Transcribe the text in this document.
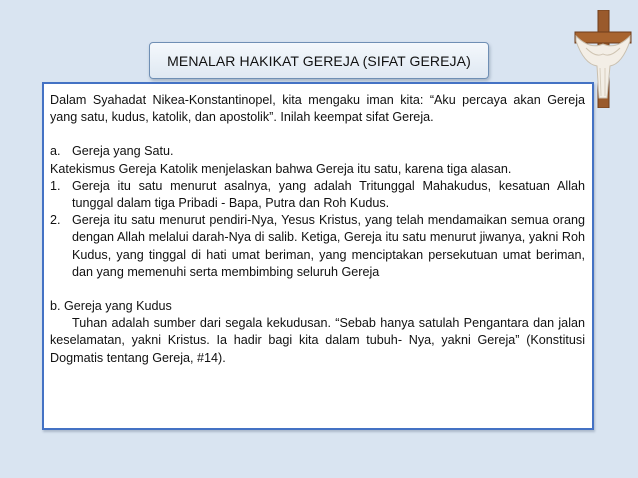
MENALAR HAKIKAT GEREJA (SIFAT GEREJA)

Dalam Syahadat Nikea-Konstantinopel, kita mengaku iman kita: “Aku percaya akan Gereja yang satu, kudus, katolik, dan apostolik”. Inilah keempat sifat Gereja.

a. Gereja yang Satu.

Katekismus Gereja Katolik menjelaskan bahwa Gereja itu satu, karena tiga alasan.

1. Gereja itu satu menurut asalnya, yang adalah Tritunggal Mahakudus, kesatuan Allah tunggal dalam tiga Pribadi - Bapa, Putra dan Roh Kudus.
2. Gereja itu satu menurut pendiri-Nya, Yesus Kristus, yang telah mendamaikan semua orang dengan Allah melalui darah-Nya di salib. Ketiga, Gereja itu satu menurut jiwanya, yakni Roh Kudus, yang tinggal di hati umat beriman, yang menciptakan persekutuan umat beriman, dan yang memenuhi serta membimbing seluruh Gereja

b. Gereja yang Kudus

Tuhan adalah sumber dari segala kekudusan. “Sebab hanya satulah Pengantara dan jalan keselamatan, yakni Kristus. Ia hadir bagi kita dalam tubuh- Nya, yakni Gereja” (Konstitusi Dogmatis tentang Gereja, #14).
